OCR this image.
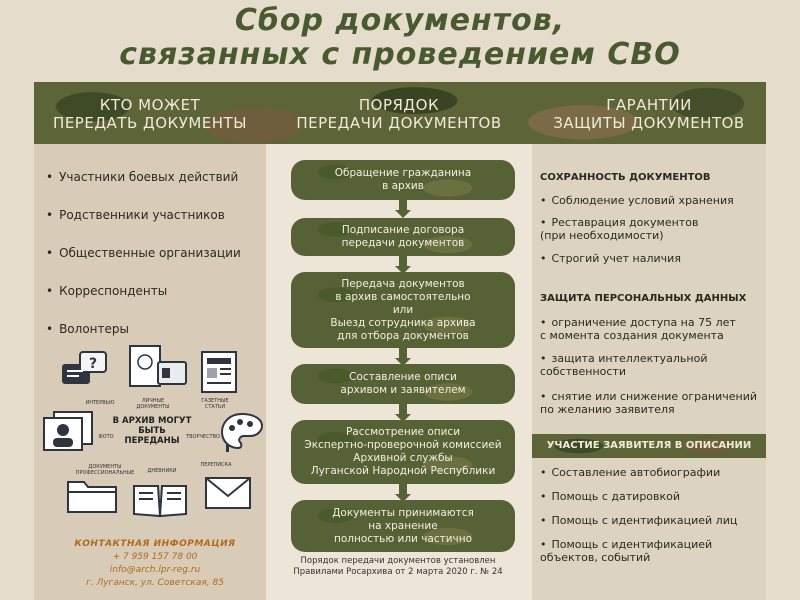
Сбор документов,
связанных с проведением СВО
КТО МОЖЕТ
ПЕРЕДАТЬ ДОКУМЕНТЫ
ПОРЯДОК
ПЕРЕДАЧИ ДОКУМЕНТОВ
ГАРАНТИИ
ЗАЩИТЫ ДОКУМЕНТОВ
• Участники боевых действий
• Родственники участников
• Общественные организации
• Корреспонденты
• Волонтеры
?
ИНТЕРВЬЮ	ЛИЧНЫЕ ДОКУМЕНТЫ
ГАЗЕТНЫЕ СТАТЬИ
ФОТО
В АРХИВ МОГУТ БЫТЬ ПЕРЕДАНЫ	ТВОРЧЕСТВО
ДОКУМЕНТЫ ПРОФЕССИОНАЛЬНЫЕ	ДНЕВНИКИ
ПЕРЕПИСКА
КОНТАКТНАЯ ИНФОРМАЦИЯ
+ 7 959 157 78 00
info@arch.lpr-reg.ru
г. Луганск, ул. Советская, 85
Обращение гражданина
в архив
Подписание договора
передачи документов
Передача документов
в архив самостоятельно
или
Выезд сотрудника архива
для отбора документов
Составление описи
архивом и заявителем
Рассмотрение описи
Экспертно-проверочной комиссией
Архивной службы
Луганской Народной Республики
Документы принимаются
на хранение
полностью или частично
Порядок передачи документов установлен Правилами Росархива от 2 марта 2020 г. № 24
СОХРАННОСТЬ ДОКУМЕНТОВ
• Соблюдение условий хранения
• Реставрация документов
(при необходимости)
• Строгий учет наличия
ЗАЩИТА ПЕРСОНАЛЬНЫХ ДАННЫХ
• ограничение доступа на 75 лет
с момента создания документа
• защита интеллектуальной
собственности
• снятие или снижение ограничений
по желанию заявителя
УЧАСТИЕ ЗАЯВИТЕЛЯ В ОПИСАНИИ
• Составление автобиографии
• Помощь с датировкой
• Помощь с идентификацией лиц
• Помощь с идентификацией
объектов, событий
